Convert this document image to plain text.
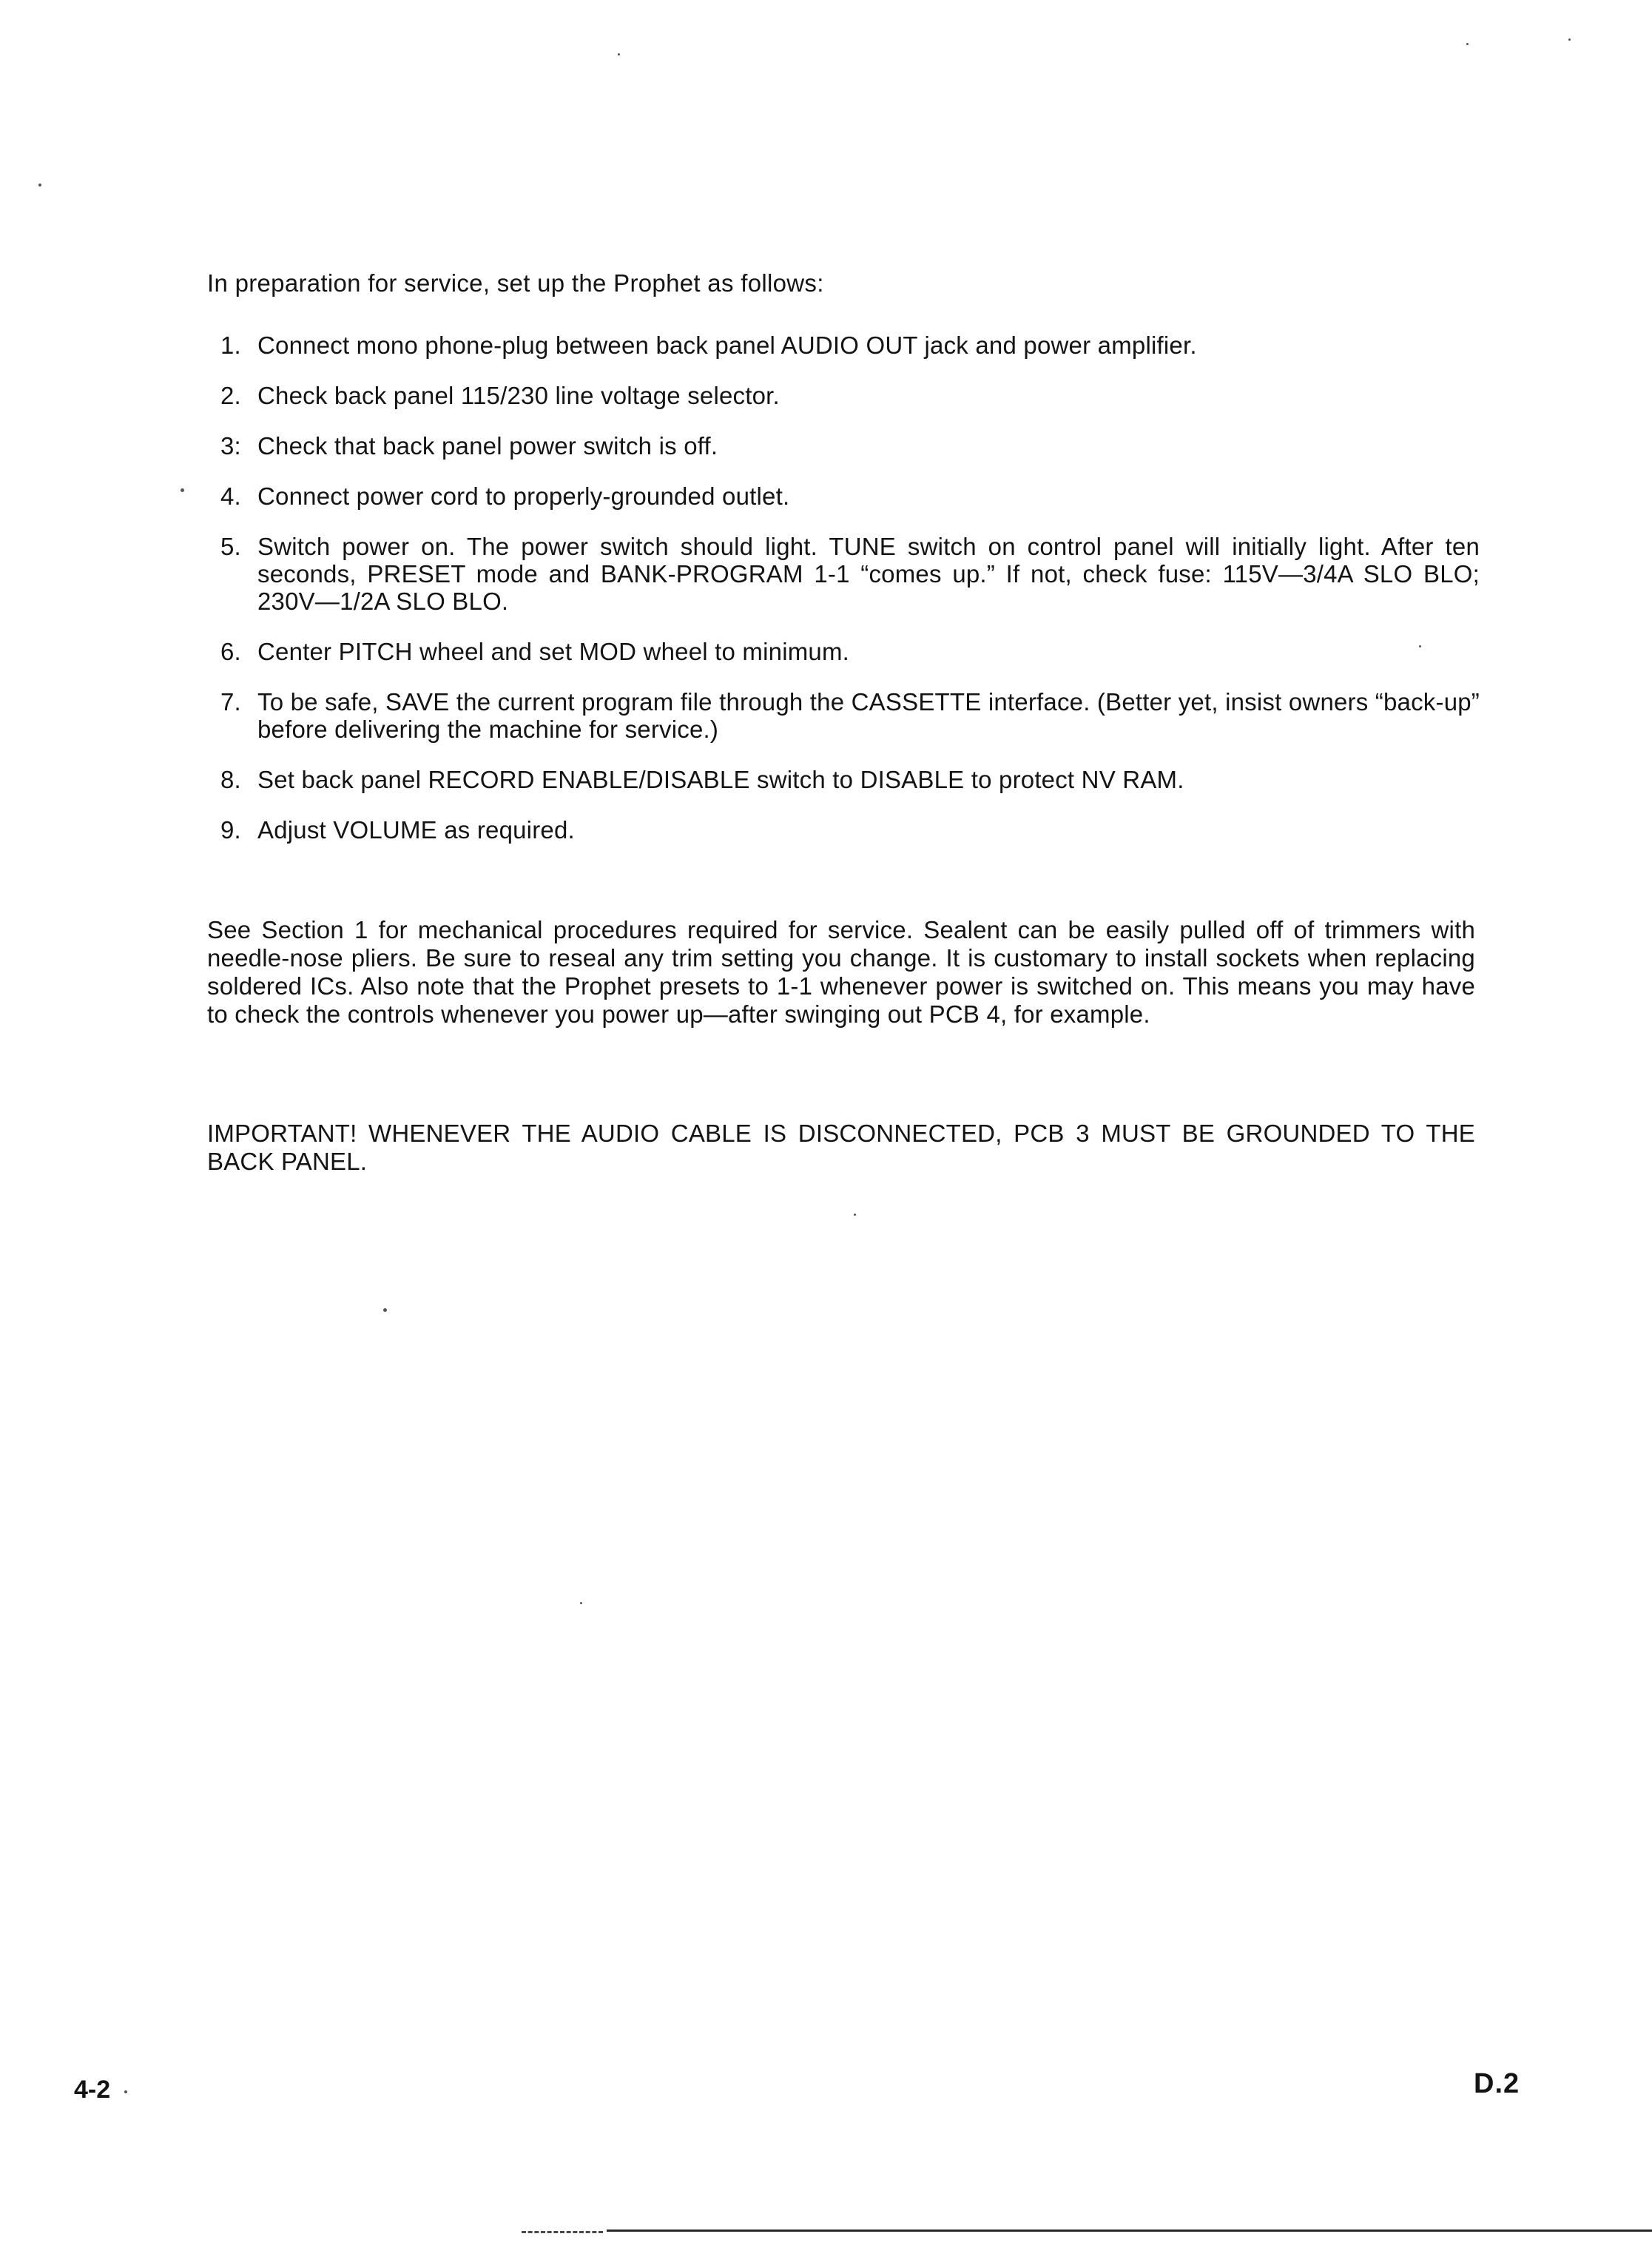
In preparation for service, set up the Prophet as follows:
1. Connect mono phone-plug between back panel AUDIO OUT jack and power amplifier.
2. Check back panel 115/230 line voltage selector.
3: Check that back panel power switch is off.
4. Connect power cord to properly-grounded outlet.
5. Switch power on. The power switch should light. TUNE switch on control panel will initially light. After ten seconds, PRESET mode and BANK-PROGRAM 1-1 “comes up.” If not, check fuse: 115V—3/4A SLO BLO; 230V—1/2A SLO BLO.
6. Center PITCH wheel and set MOD wheel to minimum.
7. To be safe, SAVE the current program file through the CASSETTE interface. (Better yet, insist owners “back-up” before delivering the machine for service.)
8. Set back panel RECORD ENABLE/DISABLE switch to DISABLE to protect NV RAM.
9. Adjust VOLUME as required.

See Section 1 for mechanical procedures required for service. Sealent can be easily pulled off of trimmers with needle-nose pliers. Be sure to reseal any trim setting you change. It is customary to install sockets when replacing soldered ICs. Also note that the Prophet presets to 1-1 whenever power is switched on. This means you may have to check the controls whenever you power up—after swinging out PCB 4, for example.

IMPORTANT! WHENEVER THE AUDIO CABLE IS DISCONNECTED, PCB 3 MUST BE GROUNDED TO THE BACK PANEL.

4-2	D.2
